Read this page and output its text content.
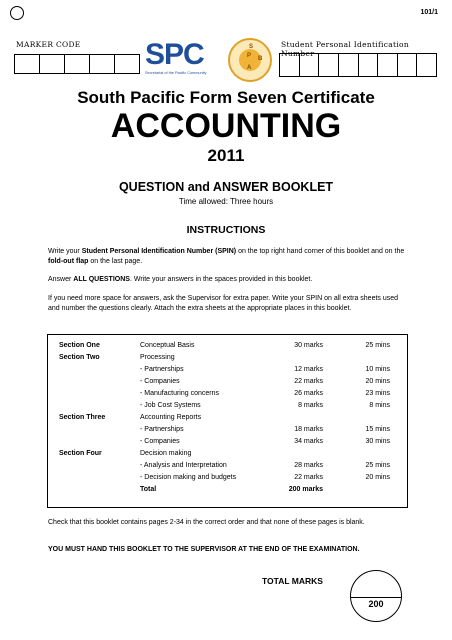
101/1
MARKER CODE SPC
Secretariat of the Pacific Community
S
P B
A
Student Personal Identification Number
South Pacific Form Seven Certificate
ACCOUNTING
2011
QUESTION and ANSWER BOOKLET
Time allowed: Three hours
INSTRUCTIONS

Write your Student Personal Identification Number (SPIN) on the top right hand corner of this booklet and on the fold-out flap on the last page.

Answer ALL QUESTIONS. Write your answers in the spaces provided in this booklet.

If you need more space for answers, ask the Supervisor for extra paper. Write your SPIN on all extra sheets used and number the questions clearly. Attach the extra sheets at the appropriate places in this booklet.

Section One	Conceptual Basis	30 marks	25 mins
Section Two	Processing
- Partnerships	12 marks	10 mins
- Companies	22 marks	20 mins
- Manufacturing concerns	26 marks	23 mins
- Job Cost Systems	8 marks	8 mins
Section Three	Accounting Reports
- Partnerships	18 marks	15 mins
- Companies	34 marks	30 mins
Section Four	Decision making
- Analysis and Interpretation	28 marks	25 mins
- Decision making and budgets	22 marks	20 mins
Total	200 marks

Check that this booklet contains pages 2-34 in the correct order and that none of these pages is blank.

YOU MUST HAND THIS BOOKLET TO THE SUPERVISOR AT THE END OF THE EXAMINATION.

TOTAL MARKS
200
